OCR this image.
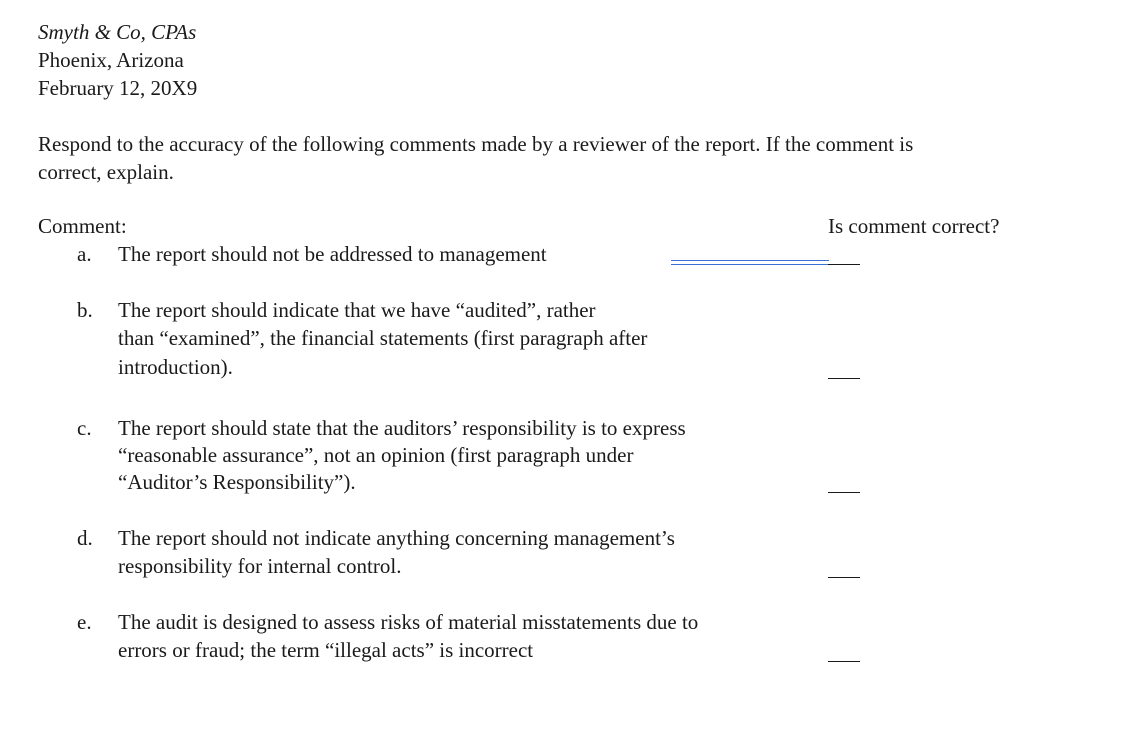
Smyth & Co, CPAs
Phoenix, Arizona
February 12, 20X9
Respond to the accuracy of the following comments made by a reviewer of the report. If the comment is
correct, explain.
Comment:	Is comment correct?
a. The report should not be addressed to management
b. The report should indicate that we have “audited”, rather
than “examined”, the financial statements (first paragraph after
introduction).
c. The report should state that the auditors’ responsibility is to express
“reasonable assurance”, not an opinion (first paragraph under
“Auditor’s Responsibility”).
d. The report should not indicate anything concerning management’s
responsibility for internal control.
e. The audit is designed to assess risks of material misstatements due to
errors or fraud; the term “illegal acts” is incorrect
